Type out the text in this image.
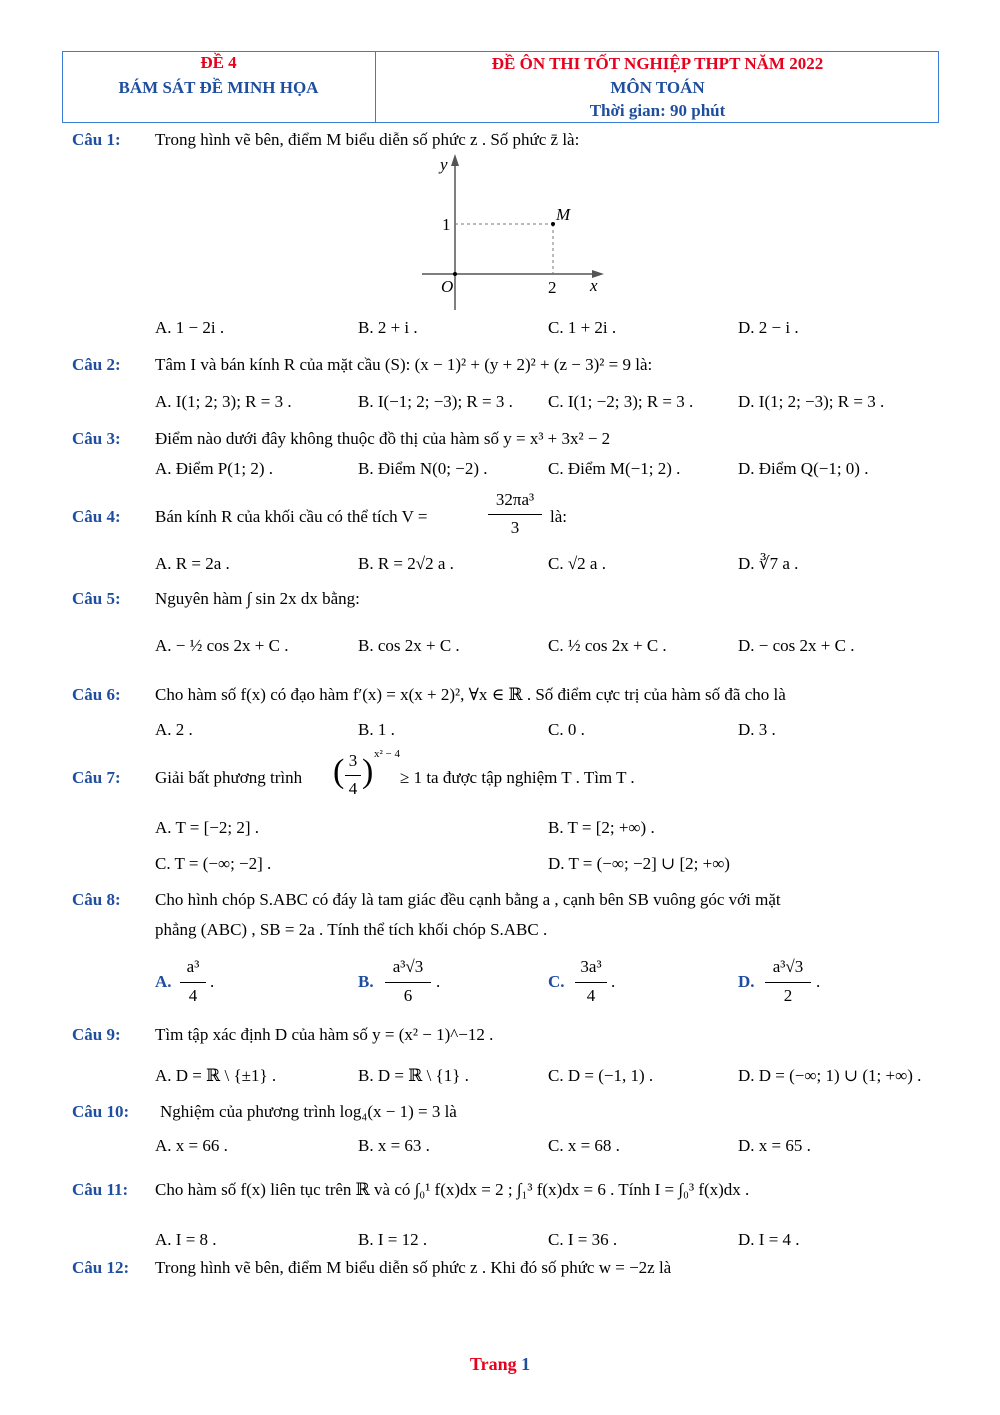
ĐỀ 4
BÁM SÁT ĐỀ MINH HỌA
ĐỀ ÔN THI TỐT NGHIỆP THPT NĂM 2022
MÔN TOÁN
Thời gian: 90 phút
Câu 1: Trong hình vẽ bên, điểm M biểu diễn số phức z . Số phức z̄ là:
y
x
O
M
1
2
A. 1 − 2i .	B. 2 + i .	C. 1 + 2i .	D. 2 − i .
Câu 2: Tâm I và bán kính R của mặt cầu (S): (x − 1)² + (y + 2)² + (z − 3)² = 9 là:
A. I(1; 2; 3); R = 3 .	B. I(−1; 2; −3); R = 3 . C. I(1; −2; 3); R = 3 .	D. I(1; 2; −3); R = 3 .
Câu 3: Điểm nào dưới đây không thuộc đồ thị của hàm số y = x³ + 3x² − 2
A. Điểm P(1; 2) .	B. Điểm N(0; −2) .	C. Điểm M(−1; 2) .	D. Điểm Q(−1; 0) .
Câu 4: Bán kính R của khối cầu có thể tích V =
32πa³
3
là:
A. R = 2a .	B. R = 2√2 a .	C. √2 a .	D. ∛7 a .
Câu 5: Nguyên hàm ∫ sin 2x dx bằng:
A. − ½ cos 2x + C .	B. cos 2x + C .	C. ½ cos 2x + C .	D. − cos 2x + C .
Câu 6: Cho hàm số f(x) có đạo hàm f′(x) = x(x + 2)², ∀x ∈ ℝ . Số điểm cực trị của hàm số đã cho là
A. 2 .	B. 1 .	C. 0 .	D. 3 .
Câu 7: Giải bất phương trình ( 3
4 ) x² − 4
≥ 1 ta được tập nghiệm T . Tìm T .
A. T = [−2; 2] .	B. T = [2; +∞) .
C. T = (−∞; −2] .	D. T = (−∞; −2] ∪ [2; +∞)
Câu 8: Cho hình chóp S.ABC có đáy là tam giác đều cạnh bằng a , cạnh bên SB vuông góc với mặt
phẳng (ABC) , SB = 2a . Tính thể tích khối chóp S.ABC .
A.
a³
4
.	B.
a³√3
6
.	C.
3a³
4
.	D.
a³√3
2
.
Câu 9: Tìm tập xác định D của hàm số y = (x² − 1)^−12 .
A. D = ℝ \ {±1} .	B. D = ℝ \ {1} .	C. D = (−1, 1) .	D. D = (−∞; 1) ∪ (1; +∞) .
Câu 10: Nghiệm của phương trình log₄(x − 1) = 3 là
A. x = 66 .	B. x = 63 .	C. x = 68 .	D. x = 65 .
Câu 11: Cho hàm số f(x) liên tục trên ℝ và có ∫₀¹ f(x)dx = 2 ; ∫₁³ f(x)dx = 6 . Tính I = ∫₀³ f(x)dx .
A. I = 8 .	B. I = 12 .	C. I = 36 .	D. I = 4 .
Câu 12: Trong hình vẽ bên, điểm M biểu diễn số phức z . Khi đó số phức w = −2z là
Trang 1
